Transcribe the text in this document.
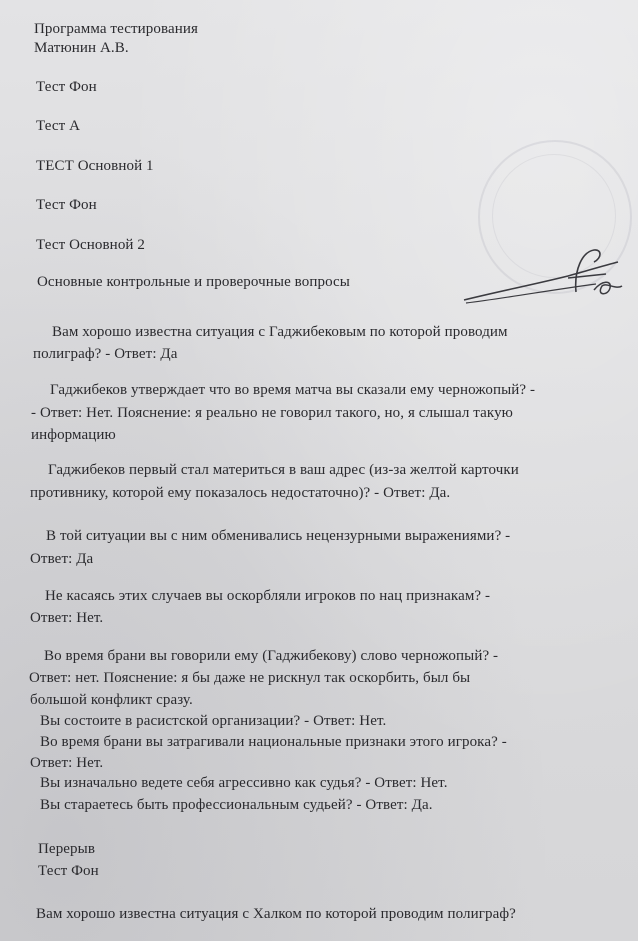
Программа тестирования
Матюнин А.В.
Тест Фон
Тест А
ТЕСТ Основной 1
Тест Фон
Тест Основной 2
Основные контрольные и проверочные вопросы
Вам хорошо известна ситуация с Гаджибековым по которой проводим
полиграф? - Ответ: Да
Гаджибеков утверждает что во время матча вы сказали ему черножопый? -
- Ответ: Нет. Пояснение: я реально не говорил такого, но, я слышал такую
информацию
Гаджибеков первый стал материться в ваш адрес (из-за желтой карточки
противнику, которой ему показалось недостаточно)? - Ответ: Да.
В той ситуации вы с ним обменивались нецензурными выражениями? -
Ответ: Да
Не касаясь этих случаев вы оскорбляли игроков по нац признакам? -
Ответ: Нет.
Во время брани вы говорили ему (Гаджибекову) слово черножопый? -
Ответ: нет. Пояснение: я бы даже не рискнул так оскорбить, был бы
большой конфликт сразу.
Вы состоите в расистской организации? - Ответ: Нет.
Во время брани вы затрагивали национальные признаки этого игрока? -
Ответ: Нет.
Вы изначально ведете себя агрессивно как судья? - Ответ: Нет.
Вы стараетесь быть профессиональным судьей? - Ответ: Да.
Перерыв
Тест Фон
Вам хорошо известна ситуация с Халком по которой проводим полиграф?
